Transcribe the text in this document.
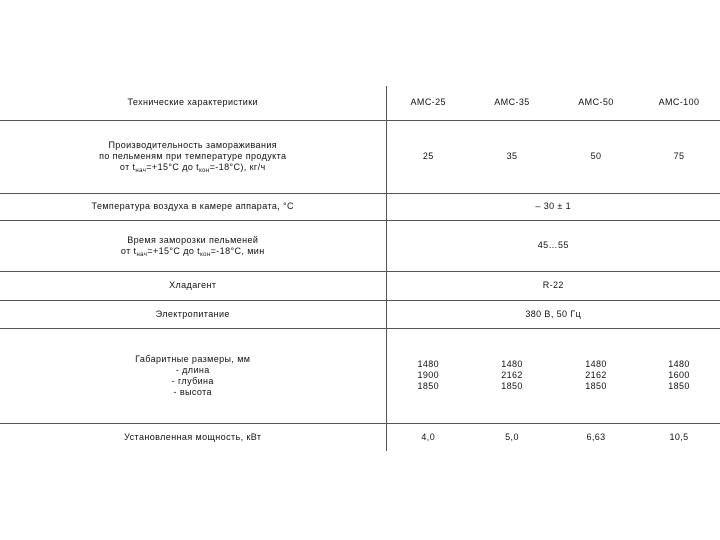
Технические характеристики	АМС-25	АМС-35	АМС-50	АМС-100

Производительность замораживания
по пельменям при температуре продукта
от $t_{нач}=+15^\circ С$ до $t_{кон}=-18^\circ С$), кг/ч	25	35	50	75
Температура воздуха в камере аппарата, °С	– 30 ± 1			

Время заморозки пельменей
от $t_{нач}=+15^\circ С$ до $t_{кон}=-18^\circ С$, мин	45…55			
Хладагент	R-22			
Электропитание	380 В, 50 Гц			

Габаритные размеры, мм
- длина
- глубина
- высота	1480
1900
1850	1480
2162
1850	1480
2162
1850	1480
1600
1850

Установленная мощность, кВт	4,0	5,0	6,63	10,5
